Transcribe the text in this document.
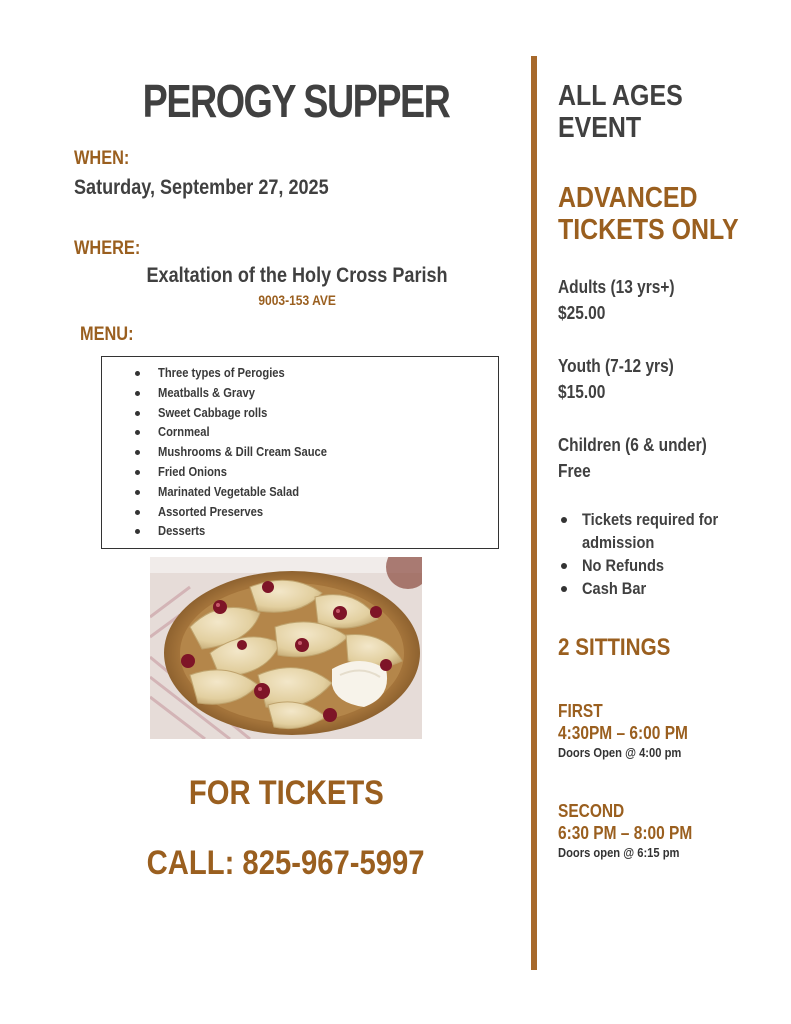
PEROGY SUPPER
WHEN:
Saturday, September 27, 2025
WHERE:
Exaltation of the Holy Cross Parish
9003-153 AVE
MENU:
Three types of Perogies
Meatballs & Gravy
Sweet Cabbage rolls
Cornmeal
Mushrooms & Dill Cream Sauce
Fried Onions
Marinated Vegetable Salad
Assorted Preserves
Desserts
FOR TICKETS
CALL: 825-967-5997
ALL AGES
EVENT
ADVANCED
TICKETS ONLY
Adults (13 yrs+)
$25.00
Youth (7-12 yrs)
$15.00
Children (6 & under)
Free
Tickets required for
admission
No Refunds
Cash Bar
2 SITTINGS
FIRST
4:30PM – 6:00 PM
Doors Open @ 4:00 pm
SECOND
6:30 PM – 8:00 PM
Doors open @ 6:15 pm
